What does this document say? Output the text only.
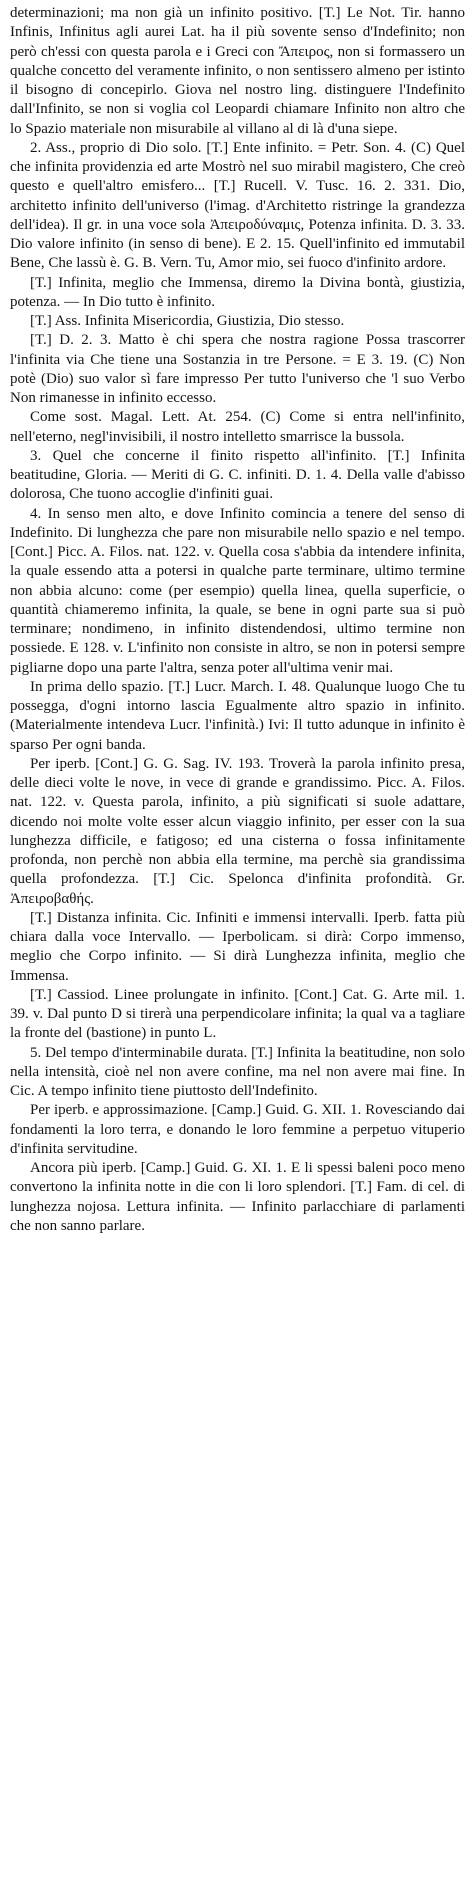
determinazioni; ma non già un infinito positivo. [T.] Le Not. Tir. hanno Infinis, Infinitus agli aurei Lat. ha il più sovente senso d'Indefinito; non però ch'essi con questa parola e i Greci con Ἄπειρος, non si formassero un qualche concetto del veramente infinito, o non sentissero almeno per istinto il bisogno di concepirlo. Giova nel nostro ling. distinguere l'Indefinito dall'Infinito, se non si voglia col Leopardi chiamare Infinito non altro che lo Spazio materiale non misurabile al villano al di là d'una siepe.

2. Ass., proprio di Dio solo. [T.] Ente infinito. = Petr. Son. 4. (C) Quel che infinita providenzia ed arte Mostrò nel suo mirabil magistero, Che creò questo e quell'altro emisfero... [T.] Rucell. V. Tusc. 16. 2. 331. Dio, architetto infinito dell'universo (l'imag. d'Architetto ristringe la grandezza dell'idea). Il gr. in una voce sola Ἀπειροδύναμις, Potenza infinita. D. 3. 33. Dio valore infinito (in senso di bene). E 2. 15. Quell'infinito ed immutabil Bene, Che lassù è. G. B. Vern. Tu, Amor mio, sei fuoco d'infinito ardore.

[T.] Infinita, meglio che Immensa, diremo la Divina bontà, giustizia, potenza. — In Dio tutto è infinito.

[T.] Ass. Infinita Misericordia, Giustizia, Dio stesso.

[T.] D. 2. 3. Matto è chi spera che nostra ragione Possa trascorrer l'infinita via Che tiene una Sostanzia in tre Persone. = E 3. 19. (C) Non potè (Dio) suo valor sì fare impresso Per tutto l'universo che 'l suo Verbo Non rimanesse in infinito eccesso.

Come sost. Magal. Lett. At. 254. (C) Come si entra nell'infinito, nell'eterno, negl'invisibili, il nostro intelletto smarrisce la bussola.

3. Quel che concerne il finito rispetto all'infinito. [T.] Infinita beatitudine, Gloria. — Meriti di G. C. infiniti. D. 1. 4. Della valle d'abisso dolorosa, Che tuono accoglie d'infiniti guai.

4. In senso men alto, e dove Infinito comincia a tenere del senso di Indefinito. Di lunghezza che pare non misurabile nello spazio e nel tempo. [Cont.] Picc. A. Filos. nat. 122. v. Quella cosa s'abbia da intendere infinita, la quale essendo atta a potersi in qualche parte terminare, ultimo termine non abbia alcuno: come (per esempio) quella linea, quella superficie, o quantità chiameremo infinita, la quale, se bene in ogni parte sua si può terminare; nondimeno, in infinito distendendosi, ultimo termine non possiede. E 128. v. L'infinito non consiste in altro, se non in potersi sempre pigliarne dopo una parte l'altra, senza poter all'ultima venir mai.

In prima dello spazio. [T.] Lucr. March. I. 48. Qualunque luogo Che tu possegga, d'ogni intorno lascia Egualmente altro spazio in infinito. (Materialmente intendeva Lucr. l'infinità.) Ivi: Il tutto adunque in infinito è sparso Per ogni banda.

Per iperb. [Cont.] G. G. Sag. IV. 193. Troverà la parola infinito presa, delle dieci volte le nove, in vece di grande e grandissimo. Picc. A. Filos. nat. 122. v. Questa parola, infinito, a più significati si suole adattare, dicendo noi molte volte esser alcun viaggio infinito, per esser con la sua lunghezza difficile, e fatigoso; ed una cisterna o fossa infinitamente profonda, non perchè non abbia ella termine, ma perchè sia grandissima quella profondezza. [T.] Cic. Spelonca d'infinita profondità. Gr. Ἀπειροβαθής.

[T.] Distanza infinita. Cic. Infiniti e immensi intervalli. Iperb. fatta più chiara dalla voce Intervallo. — Iperbolicam. si dirà: Corpo immenso, meglio che Corpo infinito. — Si dirà Lunghezza infinita, meglio che Immensa.

[T.] Cassiod. Linee prolungate in infinito. [Cont.] Cat. G. Arte mil. 1. 39. v. Dal punto D si tirerà una perpendicolare infinita; la qual va a tagliare la fronte del (bastione) in punto L.

5. Del tempo d'interminabile durata. [T.] Infinita la beatitudine, non solo nella intensità, cioè nel non avere confine, ma nel non avere mai fine. In Cic. A tempo infinito tiene piuttosto dell'Indefinito.

Per iperb. e approssimazione. [Camp.] Guid. G. XII. 1. Rovesciando dai fondamenti la loro terra, e donando le loro femmine a perpetuo vituperio d'infinita servitudine.

Ancora più iperb. [Camp.] Guid. G. XI. 1. E li spessi baleni poco meno convertono la infinita notte in die con li loro splendori. [T.] Fam. di cel. di lunghezza nojosa. Lettura infinita. — Infinito parlacchiare di parlamenti che non sanno parlare.
